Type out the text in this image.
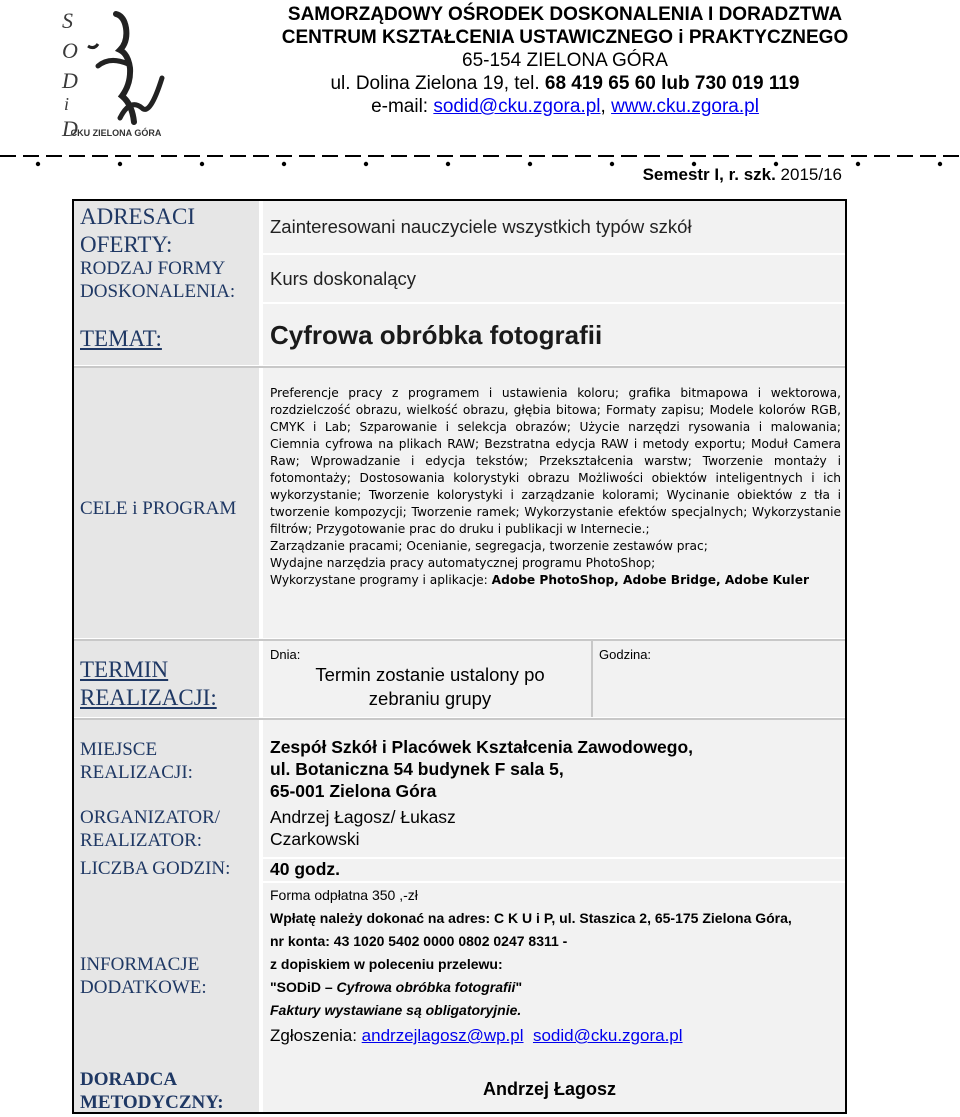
S
O
D
i
D
CKU ZIELONA GÓRA
SAMORZĄDOWY OŚRODEK DOSKONALENIA I DORADZTWA
CENTRUM KSZTAŁCENIA USTAWICZNEGO i PRAKTYCZNEGO
65-154 ZIELONA GÓRA
ul. Dolina Zielona 19, tel. 68 419 65 60 lub 730 019 119
e-mail: sodid@cku.zgora.pl, www.cku.zgora.pl
Semestr I, r. szk. 2015/16
ADRESACI OFERTY:
RODZAJ FORMY DOSKONALENIA:
TEMAT:
CELE i PROGRAM
TERMIN REALIZACJI:
MIEJSCE REALIZACJI:
ORGANIZATOR/ REALIZATOR:
LICZBA GODZIN:
INFORMACJE DODATKOWE:
DORADCA METODYCZNY:
Zainteresowani nauczyciele wszystkich typów szkół
Kurs doskonalący
Cyfrowa obróbka fotografii
Preferencje pracy z programem i ustawienia koloru; grafika bitmapowa i wektorowa, rozdzielczość obrazu, wielkość obrazu, głębia bitowa; Formaty zapisu; Modele kolorów RGB, CMYK i Lab; Szparowanie i selekcja obrazów; Użycie narzędzi rysowania i malowania; Ciemnia cyfrowa na plikach RAW; Bezstratna edycja RAW i metody exportu; Moduł Camera Raw; Wprowadzanie i edycja tekstów; Przekształcenia warstw; Tworzenie montaży i fotomontaży; Dostosowania kolorystyki obrazu Możliwości obiektów inteligentnych i ich wykorzystanie; Tworzenie kolorystyki i zarządzanie kolorami; Wycinanie obiektów z tła i tworzenie kompozycji; Tworzenie ramek; Wykorzystanie efektów specjalnych; Wykorzystanie filtrów; Przygotowanie prac do druku i publikacji w Internecie.;
Zarządzanie pracami; Ocenianie, segregacja, tworzenie zestawów prac;
Wydajne narzędzia pracy automatycznej programu PhotoShop;
Wykorzystane programy i aplikacje: Adobe PhotoShop, Adobe Bridge, Adobe Kuler
Dnia:
Termin zostanie ustalony po zebraniu grupy
Godzina:
Zespół Szkół i Placówek Kształcenia Zawodowego,
ul. Botaniczna 54 budynek F sala 5,
65-001 Zielona Góra
Andrzej Łagosz/ Łukasz Czarkowski
40 godz.
Forma odpłatna 350 ,-zł
Wpłatę należy dokonać na adres: C K U i P, ul. Staszica 2, 65-175 Zielona Góra,
nr konta: 43 1020 5402 0000 0802 0247 8311 -
z dopiskiem w poleceniu przelewu:
"SODiD – Cyfrowa obróbka fotografii"
Faktury wystawiane są obligatoryjnie.
Zgłoszenia: andrzejlagosz@wp.pl sodid@cku.zgora.pl
Andrzej Łagosz
